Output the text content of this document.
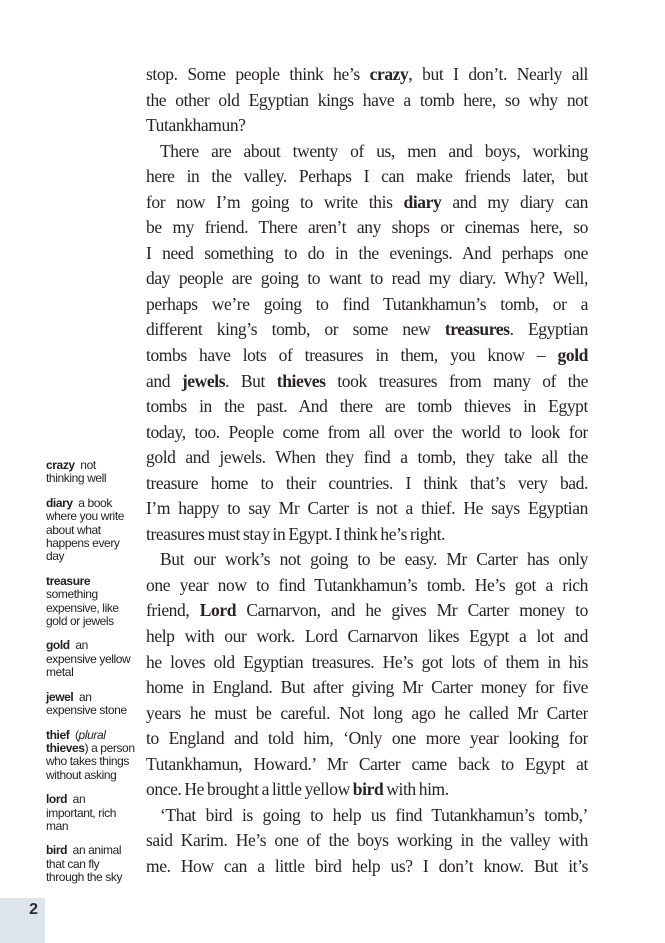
crazy not
thinking well
diary a book
where you write
about what
happens every
day
treasure
something
expensive, like
gold or jewels
gold an
expensive yellow
metal
jewel an
expensive stone
thief (plural
thieves) a person
who takes things
without asking
lord an
important, rich
man
bird an animal
that can fly
through the sky
stop. Some people think he’s crazy, but I don’t. Nearly all
the other old Egyptian kings have a tomb here, so why not
Tutankhamun?
There are about twenty of us, men and boys, working
here in the valley. Perhaps I can make friends later, but
for now I’m going to write this diary and my diary can
be my friend. There aren’t any shops or cinemas here, so
I need something to do in the evenings. And perhaps one
day people are going to want to read my diary. Why? Well,
perhaps we’re going to find Tutankhamun’s tomb, or a
different king’s tomb, or some new treasures. Egyptian
tombs have lots of treasures in them, you know – gold
and jewels. But thieves took treasures from many of the
tombs in the past. And there are tomb thieves in Egypt
today, too. People come from all over the world to look for
gold and jewels. When they find a tomb, they take all the
treasure home to their countries. I think that’s very bad.
I’m happy to say Mr Carter is not a thief. He says Egyptian
treasures must stay in Egypt. I think he’s right.
But our work’s not going to be easy. Mr Carter has only
one year now to find Tutankhamun’s tomb. He’s got a rich
friend, Lord Carnarvon, and he gives Mr Carter money to
help with our work. Lord Carnarvon likes Egypt a lot and
he loves old Egyptian treasures. He’s got lots of them in his
home in England. But after giving Mr Carter money for five
years he must be careful. Not long ago he called Mr Carter
to England and told him, ‘Only one more year looking for
Tutankhamun, Howard.’ Mr Carter came back to Egypt at
once. He brought a little yellow bird with him.
‘That bird is going to help us find Tutankhamun’s tomb,’
said Karim. He’s one of the boys working in the valley with
me. How can a little bird help us? I don’t know. But it’s
2
